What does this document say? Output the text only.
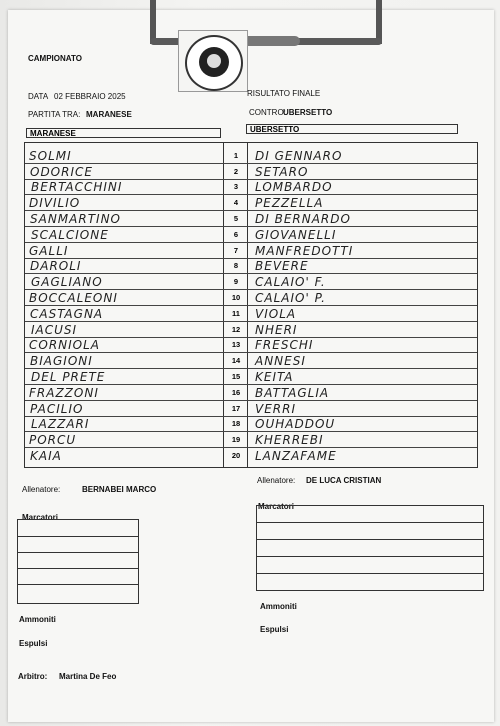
CAMPIONATO
DATA 02 FEBBRAIO 2025
PARTITA TRA: MARANESE
RISULTATO FINALE
CONTRO:
UBERSETTO
MARANESE	UBERSETTO
SOLMI	1	DI GENNARO
ODORICE	2	SETARO
BERTACCHINI	3	LOMBARDO
DIVILIO	4	PEZZELLA
SANMARTINO	5	DI BERNARDO
SCALCIONE	6	GIOVANELLI
GALLI	7	MANFREDOTTI
DAROLI	8	BEVERE
GAGLIANO	9	CALAIO' F.
BOCCALEONI	10	CALAIO' P.
CASTAGNA	11	VIOLA
IACUSI	12	NHERI
CORNIOLA	13	FRESCHI
BIAGIONI	14	ANNESI
DEL PRETE	15	KEITA
FRAZZONI	16	BATTAGLIA
PACILIO	17	VERRI
LAZZARI	18	OUHADDOU
PORCU	19	KHERREBI
KAIA	20	LANZAFAME
Allenatore:	BERNABEI MARCO
Allenatore: DE LUCA CRISTIAN
Marcatori
Marcatori
Ammoniti
Espulsi
Ammoniti
Espulsi
Arbitro: Martina De Feo
